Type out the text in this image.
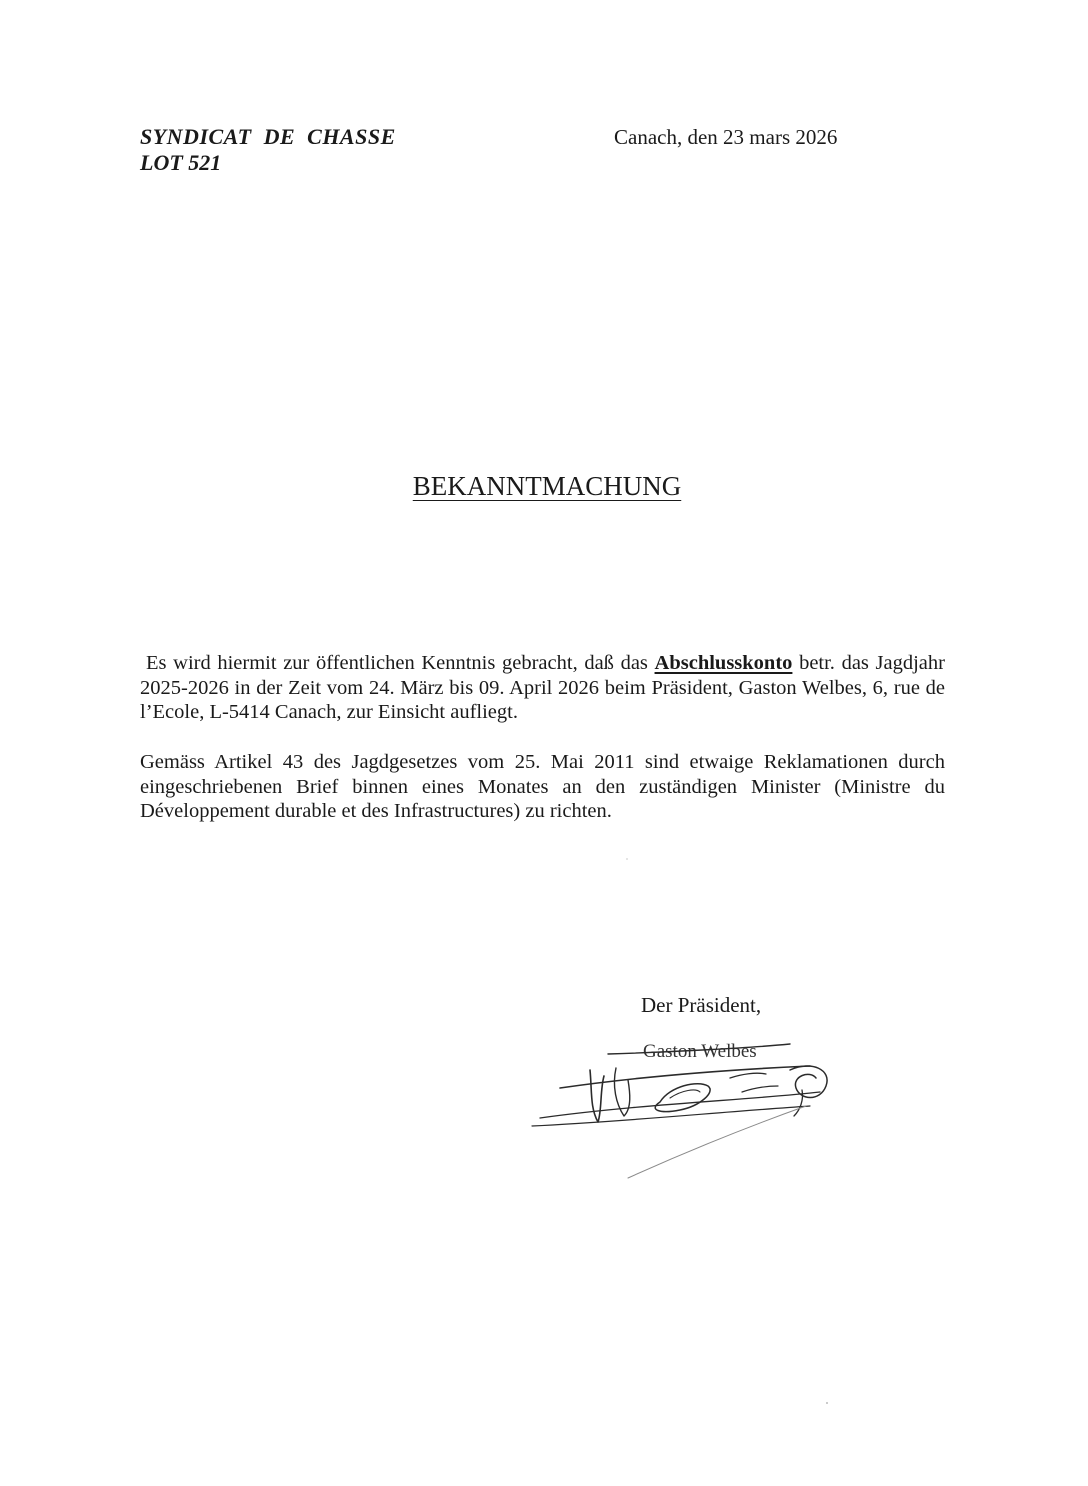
SYNDICAT DE CHASSE
LOT 521
Canach, den 23 mars 2026
BEKANNTMACHUNG

Es wird hiermit zur öffentlichen Kenntnis gebracht, daß das Abschlusskonto betr. das Jagdjahr 2025-2026 in der Zeit vom 24. März bis 09. April 2026 beim Präsident, Gaston Welbes, 6, rue de l’Ecole, L-5414 Canach, zur Einsicht aufliegt.

Gemäss Artikel 43 des Jagdgesetzes vom 25. Mai 2011 sind etwaige Reklamationen durch eingeschriebenen Brief binnen eines Monates an den zuständigen Minister (Ministre du Développement durable et des Infrastructures) zu richten.

Der Präsident,
Gaston Welbes
